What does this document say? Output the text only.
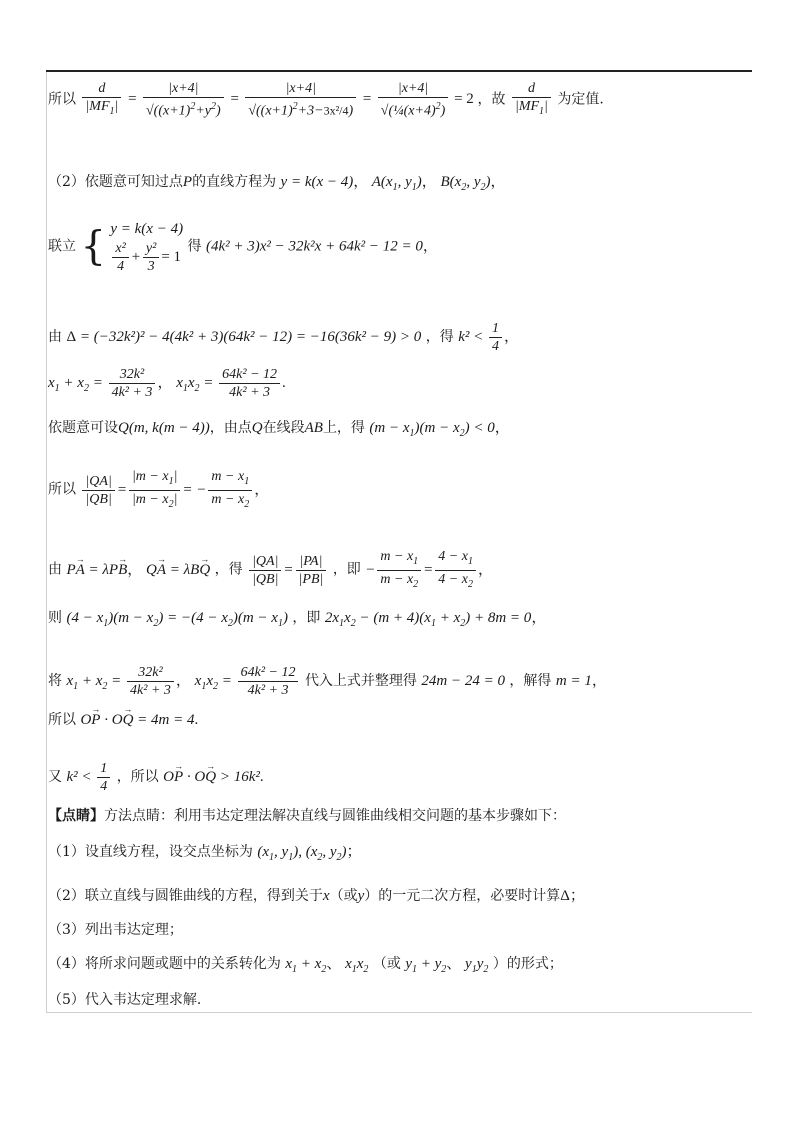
所以 $\frac{d}{|MF_1|} = \frac{|x+4|}{√((x+1)^2+y^2)} = \frac{|x+4|}{√((x+1)^2+3-3x^2/4)} = \frac{|x+4|}{√(\frac{1}{4}(x+4)^2)} = 2$ ，故 $\frac{d}{|MF_1|}$ 为定值.
（2）依题意可知过点P的直线方程为 y = k(x − 4)， $A(x_1$, $y_1$)， $B(x_2$, $y_2$)，
联立 { y = k(x − 4)
$\frac{\text{x²}}{4} + \frac{\text{y²}}{3} = 1$
得 (4k² + 3)x² − 32k²x + 64k² − 12 = 0，
由 Δ = (−32k²)² − 4(4k² + 3)(64k² − 12) = −16(36k² − 9) > 0 ，得 $k^2 < \frac{1}{4}$ ，
$x_1 + x_2 = \frac{\text{32k²}}{\text{4k² + 3}}$ ， $x_1x_2 = \frac{\text{64k² − 12}}{\text{4k² + 3}}$ .
依题意可设Q(m, k(m − 4))，由点Q在线段AB上，得 $(m - x_1)(m - x_2) < 0$，
所以 $\frac{|QA|}{|QB|} = \frac{|m - x_1|}{|m - x_2|}$ = − $\frac{m - x_1}{m - x_2}$ ，
由 PA → = λPB →， QA → = λBQ → ，得 $\frac{|QA|}{|QB|} = \frac{|PA|}{|PB|}$ ，即 − $\frac{m - x_1}{m - x_2} = \frac{4 - x_1}{4 - x_2}$ ，
则 $(4 - x_1)(m - x_2) = -(4 - x_2)(m - x_1)$ ，即 $2x_1x_2 - (m + 4)(x_1 + x_2) + 8m = 0$，
将 $x_1 + x_2 = \frac{\text{32k²}}{\text{4k² + 3}}$ ， $x_1x_2 = \frac{\text{64k² − 12}}{\text{4k² + 3}}$ 代入上式并整理得 24m − 24 = 0 ，解得 m = 1，
所以 OP → · OQ → = 4m = 4.
又 $k^2 < \frac{1}{4}$ ，所以 OP → · OQ → > 16k².
【点睛】方法点睛：利用韦达定理法解决直线与圆锥曲线相交问题的基本步骤如下：
（1）设直线方程，设交点坐标为 ($x_1$, $y_1$), ($x_2$, $y_2$)；
（2）联立直线与圆锥曲线的方程，得到关于x（或y）的一元二次方程，必要时计算Δ；
（3）列出韦达定理；
（4）将所求问题或题中的关系转化为 $x_1 + x_2$、 $x_1x_2$ （或 $y_1 + y_2$、 $y_1y_2$ ）的形式；
（5）代入韦达定理求解.
